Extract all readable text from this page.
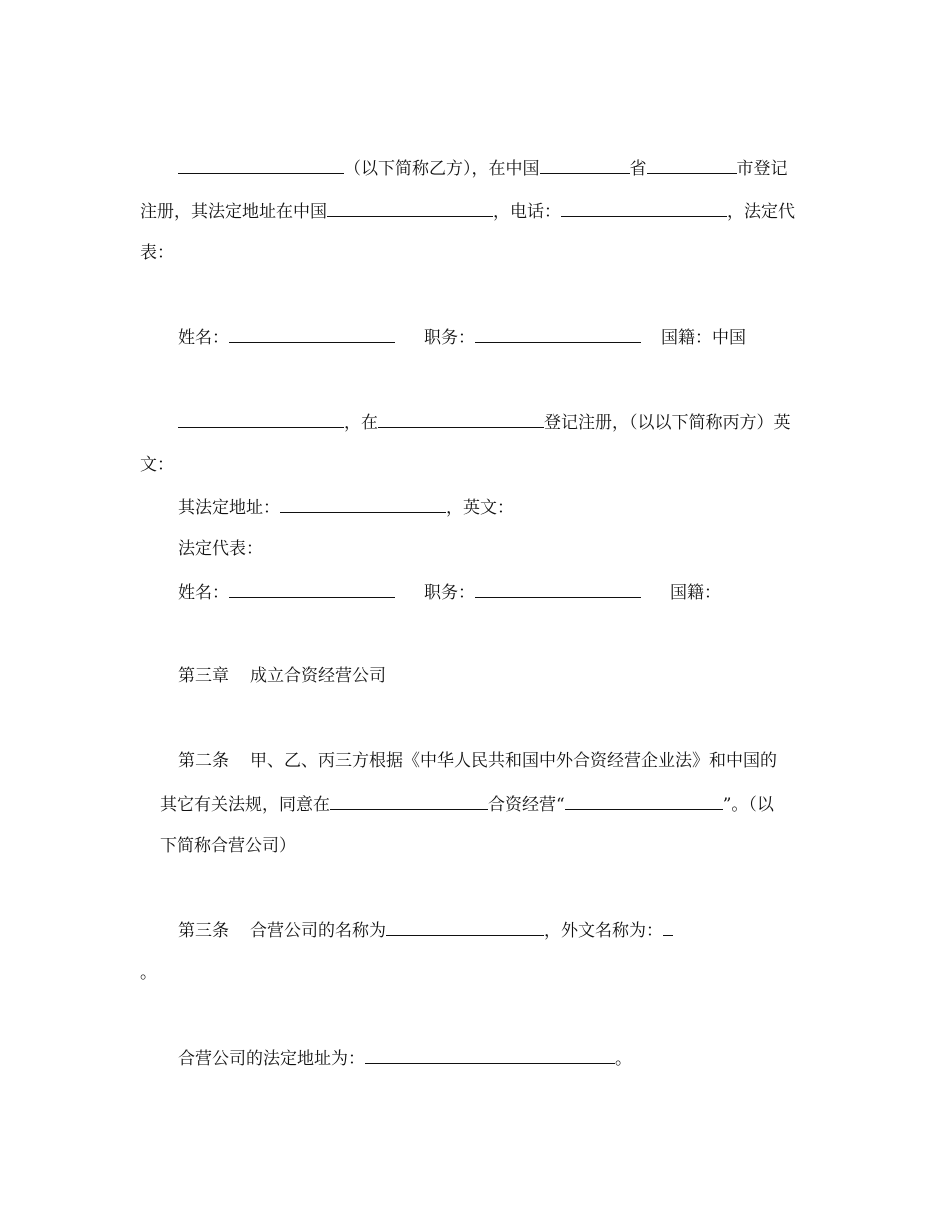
（以下简称乙方），在中国	省	市登记
注册，其法定地址在中国	，电话：	，法定代
表：
姓名：	职务：	国籍：中国
，在	登记注册，（以以下简称丙方）英
文：
其法定地址：	，英文：
法定代表：
姓名：	职务：	国籍：
第三章 成立合资经营公司
第二条 甲、乙、丙三方根据《中华人民共和国中外合资经营企业法》和中国的
其它有关法规，同意在	合资经营“	”。（以
下简称合营公司）
第三条 合营公司的名称为	，外文名称为：
。
合营公司的法定地址为：	。
